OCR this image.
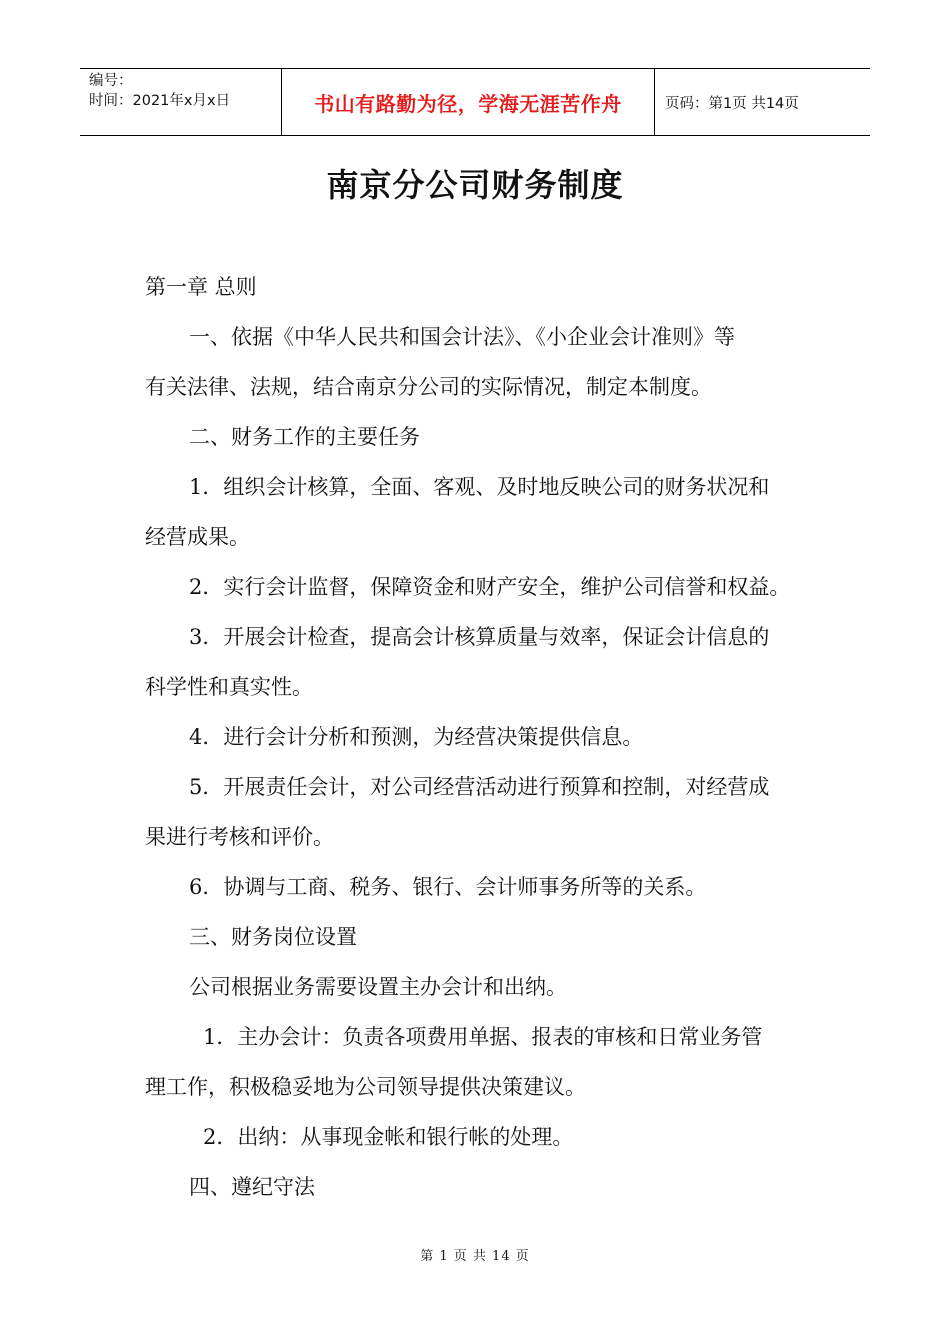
编号：
时间：2021年x月x日	书山有路勤为径，学海无涯苦作舟	页码：第1页 共14页
南京分公司财务制度
第一章 总则
一、依据《中华人民共和国会计法》、《小企业会计准则》等
有关法律、法规，结合南京分公司的实际情况，制定本制度。
二、财务工作的主要任务
1．组织会计核算，全面、客观、及时地反映公司的财务状况和
经营成果。
2．实行会计监督，保障资金和财产安全，维护公司信誉和权益。
3．开展会计检查，提高会计核算质量与效率，保证会计信息的
科学性和真实性。
4．进行会计分析和预测，为经营决策提供信息。
5．开展责任会计，对公司经营活动进行预算和控制，对经营成
果进行考核和评价。
6．协调与工商、税务、银行、会计师事务所等的关系。
三、财务岗位设置
公司根据业务需要设置主办会计和出纳。
1．主办会计：负责各项费用单据、报表的审核和日常业务管
理工作，积极稳妥地为公司领导提供决策建议。
2．出纳：从事现金帐和银行帐的处理。
四、遵纪守法
第 1 页 共 14 页
